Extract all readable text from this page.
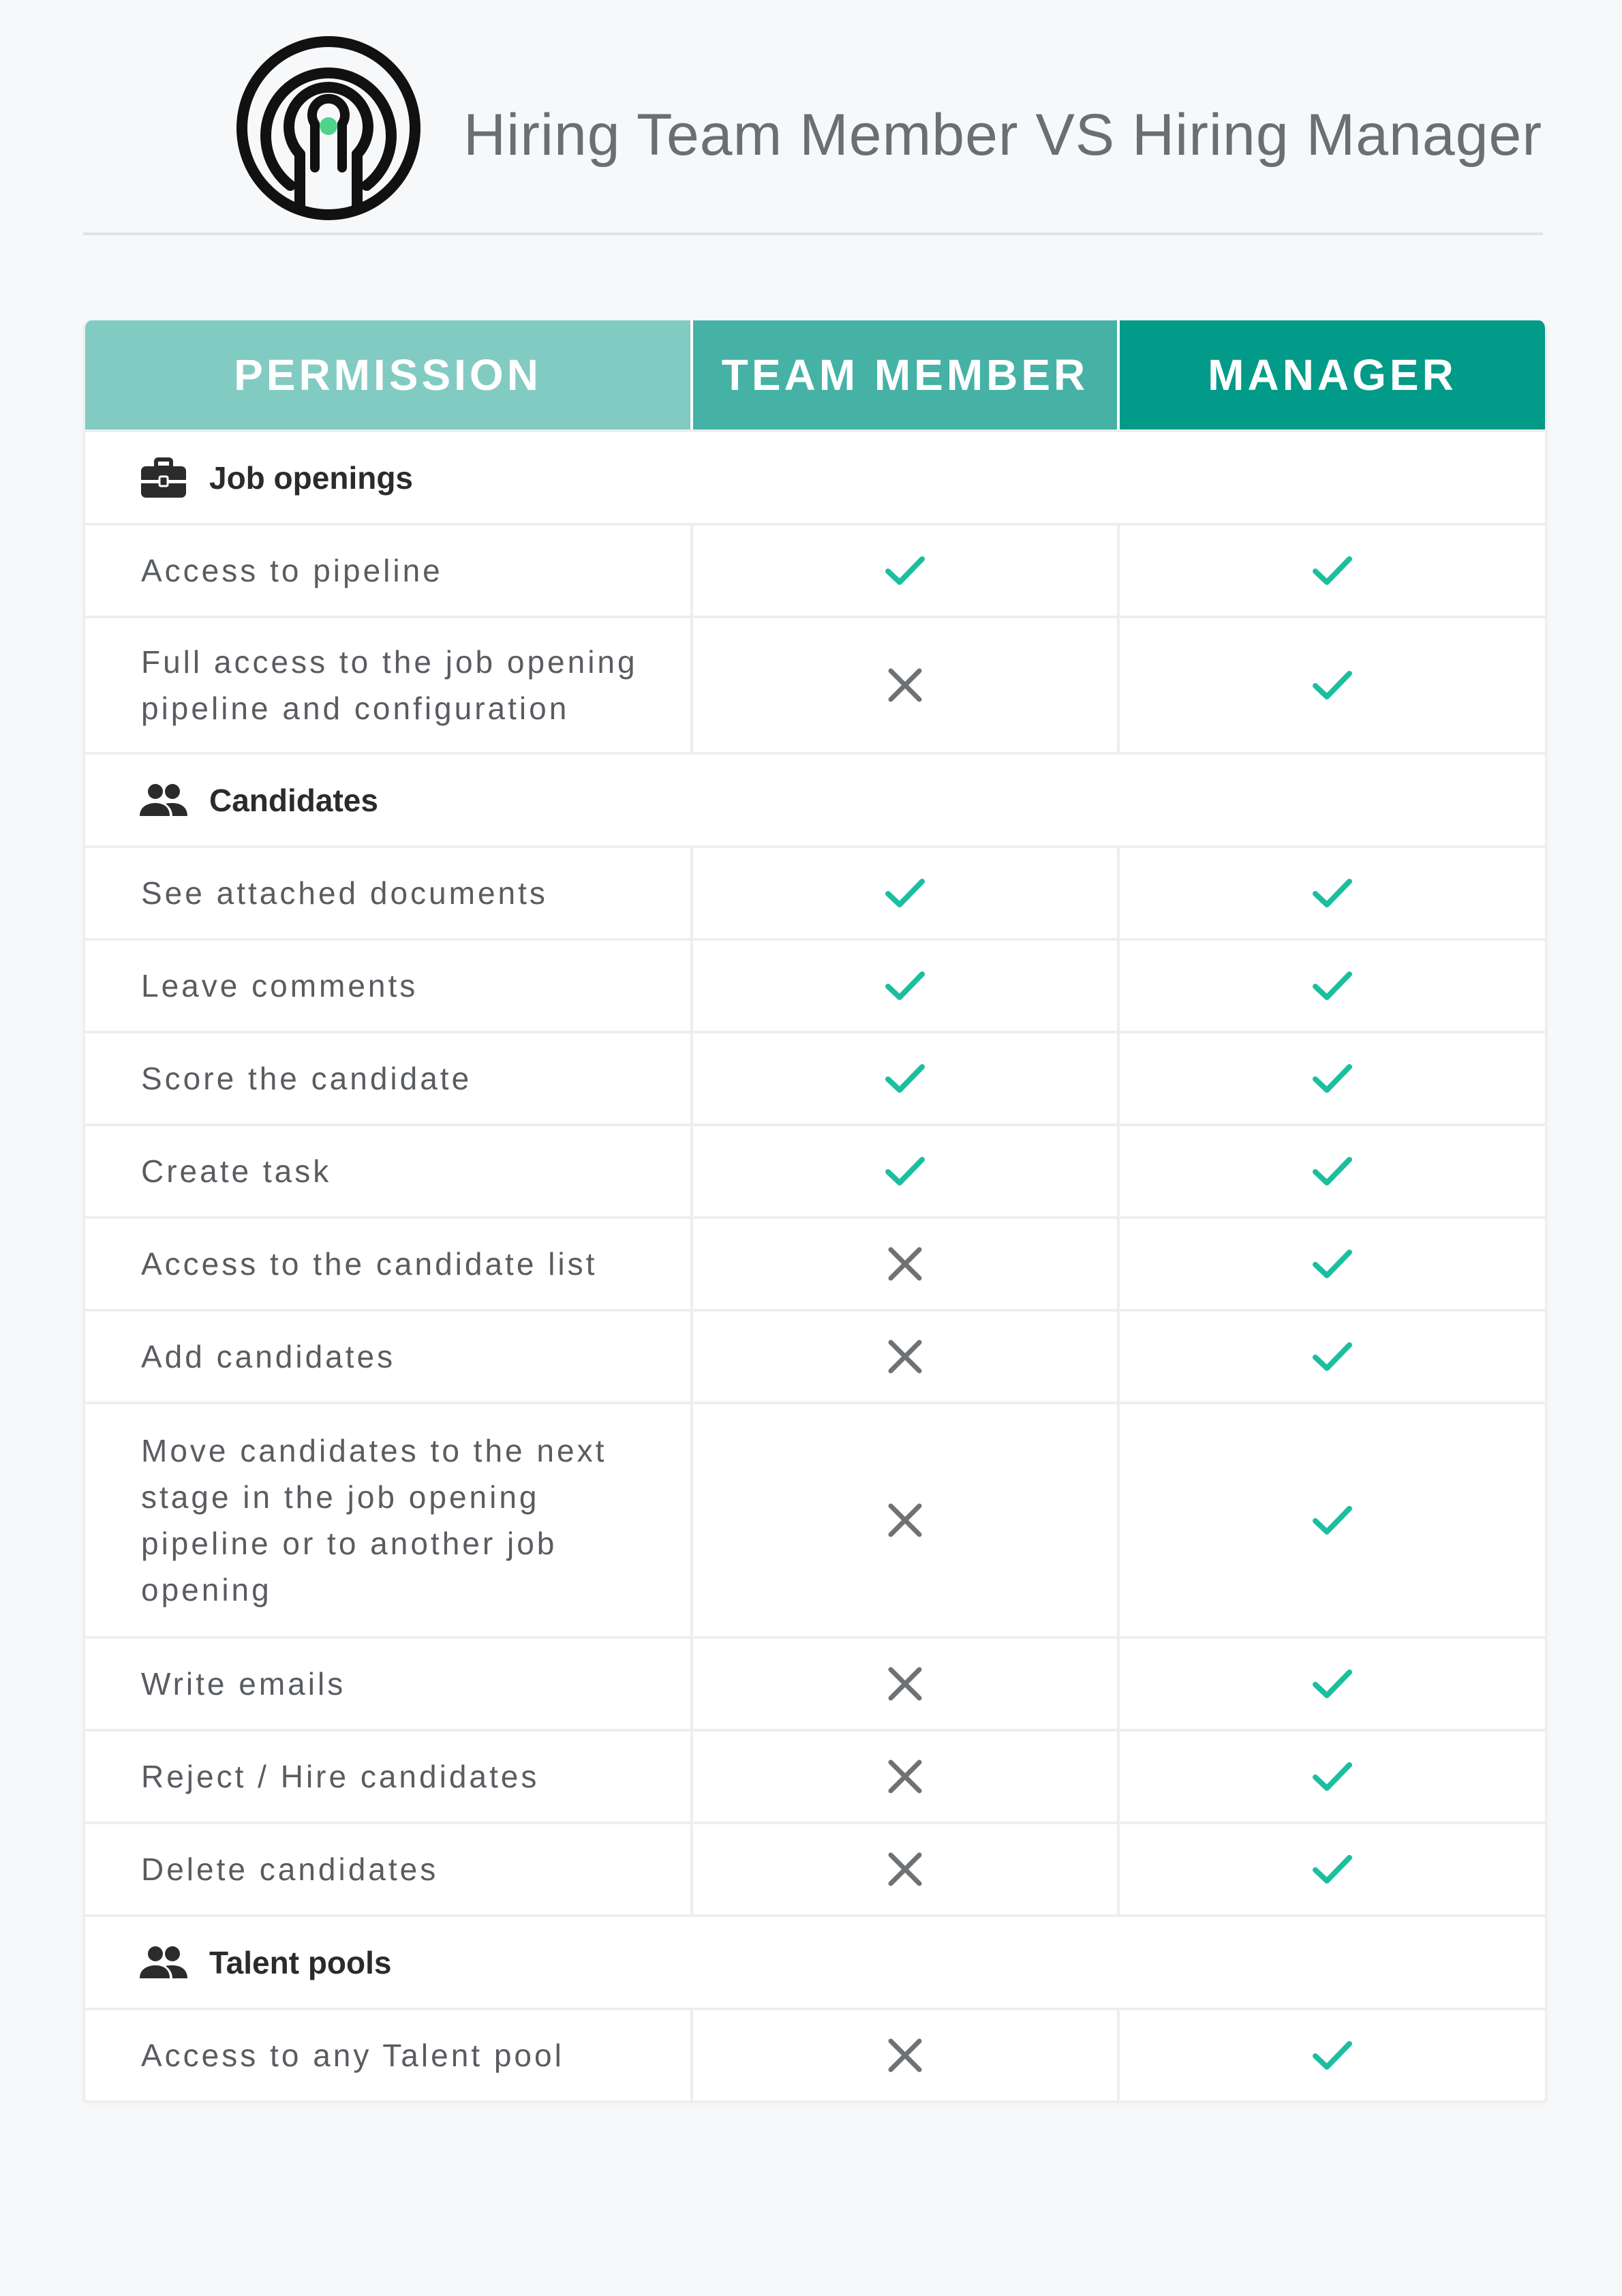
Hiring Team Member VS Hiring Manager
PERMISSION	TEAM MEMBER	MANAGER
Job openings
Access to pipeline
Full access to the job opening pipeline and configuration
Candidates
See attached documents
Leave comments
Score the candidate
Create task
Access to the candidate list
Add candidates
Move candidates to the next stage in the job opening pipeline or to another job opening
Write emails
Reject / Hire candidates
Delete candidates
Talent pools
Access to any Talent pool
